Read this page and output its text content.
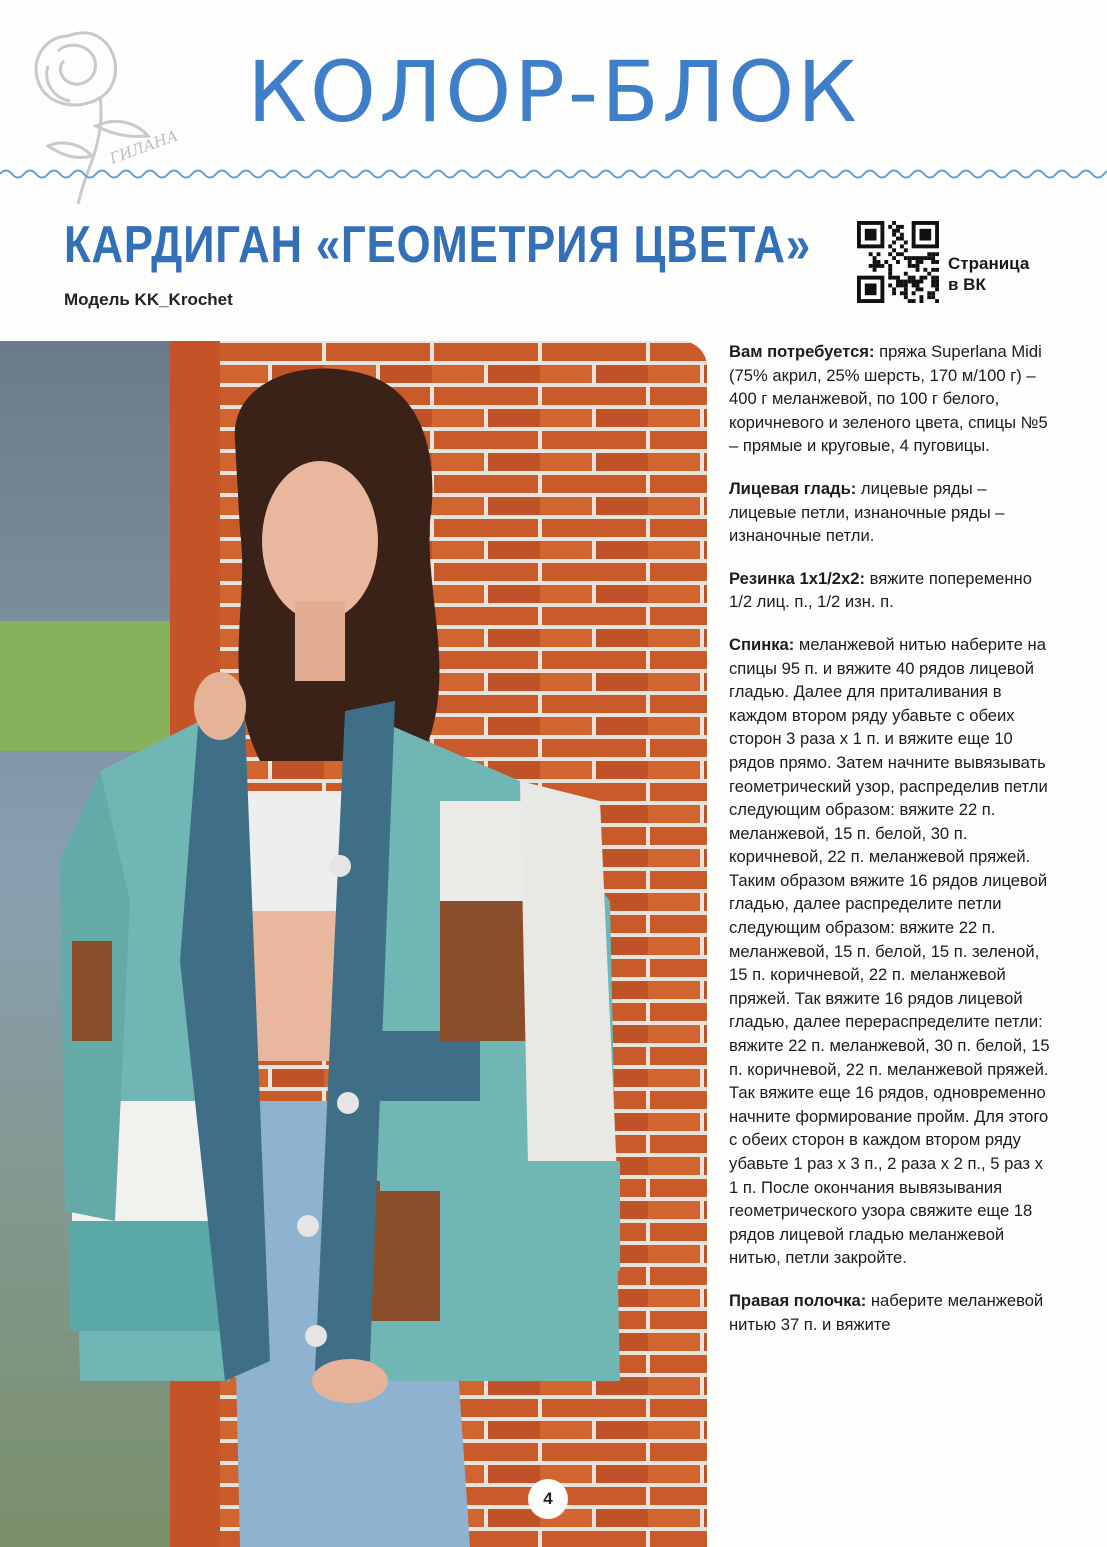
ГИЛАНА
КОЛОР-БЛОК
КАРДИГАН «ГЕОМЕТРИЯ ЦВЕТА»
Модель KK_Krochet
Страница
в ВК
4

Вам потребуется: пряжа Superlana Midi (75% акрил, 25% шерсть, 170 м/100 г) – 400 г меланжевой, по 100 г белого, коричневого и зеленого цвета, спицы №5 – прямые и круговые, 4 пуговицы.

Лицевая гладь: лицевые ряды – лицевые петли, изнаночные ряды – изнаночные петли.

Резинка 1х1/2х2: вяжите попеременно 1/2 лиц. п., 1/2 изн. п.

Спинка: меланжевой нитью наберите на спицы 95 п. и вяжите 40 рядов лицевой гладью. Далее для приталивания в каждом втором ряду убавьте с обеих сторон 3 раза х 1 п. и вяжите еще 10 рядов прямо. Затем начните вывязывать геометрический узор, распределив петли следующим образом: вяжите 22 п. меланжевой, 15 п. белой, 30 п. коричневой, 22 п. меланжевой пряжей. Таким образом вяжите 16 рядов лицевой гладью, далее распределите петли следующим образом: вяжите 22 п. меланжевой, 15 п. белой, 15 п. зеленой, 15 п. коричневой, 22 п. меланжевой пряжей. Так вяжите 16 рядов лицевой гладью, далее перераспределите петли: вяжите 22 п. меланжевой, 30 п. белой, 15 п. коричневой, 22 п. меланжевой пряжей. Так вяжите еще 16 рядов, одновременно начните формирование пройм. Для этого с обеих сторон в каждом втором ряду убавьте 1 раз х 3 п., 2 раза х 2 п., 5 раз х 1 п. После окончания вывязывания геометрического узора свяжите еще 18 рядов лицевой гладью меланжевой нитью, петли закройте.

Правая полочка: наберите меланжевой нитью 37 п. и вяжите
